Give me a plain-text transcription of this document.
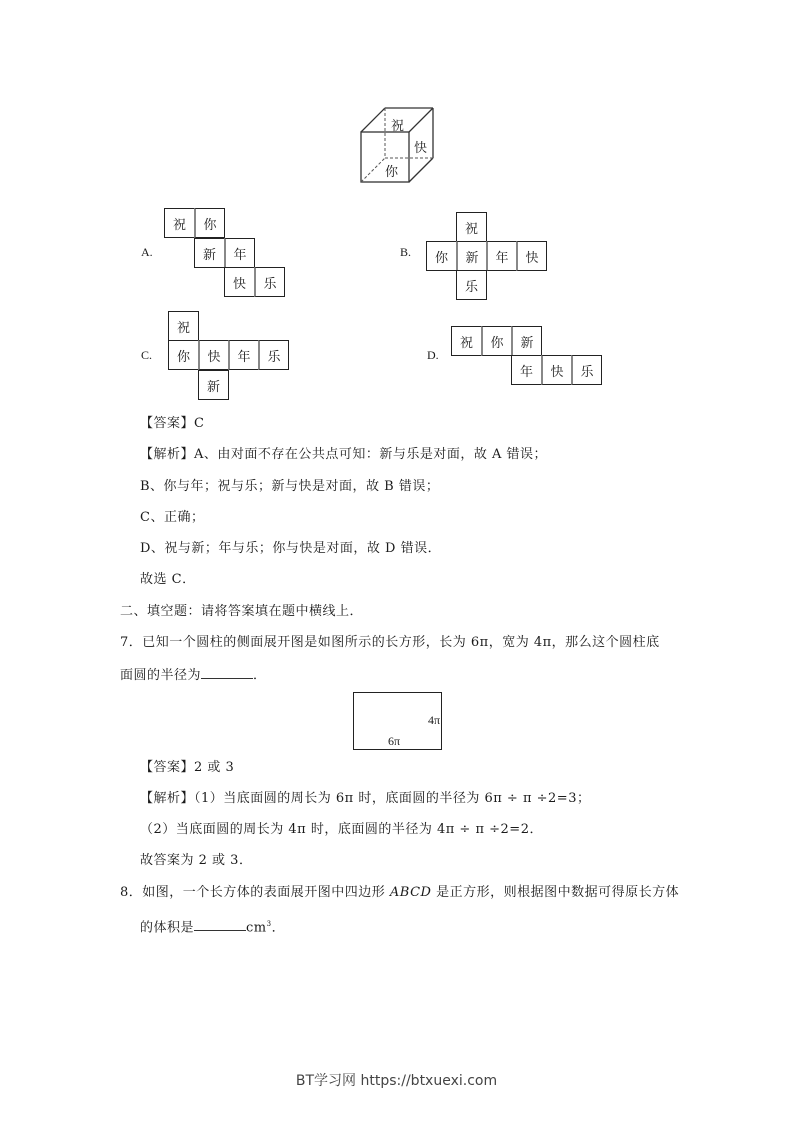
祝
快
你
A.
祝	你
新	年
快	乐
B.
祝
你	新	年	快
乐
C.
祝
你	快	年	乐
新
D.
祝	你	新
年	快	乐
【答案】C
【解析】A、由对面不存在公共点可知：新与乐是对面，故 A 错误；
B、你与年；祝与乐；新与快是对面，故 B 错误；
C、正确；
D、祝与新；年与乐；你与快是对面，故 D 错误．
故选 C．
二、填空题：请将答案填在题中横线上．
7．已知一个圆柱的侧面展开图是如图所示的长方形，长为 6π，宽为 4π，那么这个圆柱底
面圆的半径为	．
4π
6π
【答案】2 或 3
【解析】（1）当底面圆的周长为 6π 时，底面圆的半径为 6π ÷ π ÷2=3；
（2）当底面圆的周长为 4π 时，底面圆的半径为 4π ÷ π ÷2=2．
故答案为 2 或 3．
8．如图，一个长方体的表面展开图中四边形 ABCD 是正方形，则根据图中数据可得原长方体
的体积是	$cm^3$．
BT学习网 https://btxuexi.com
